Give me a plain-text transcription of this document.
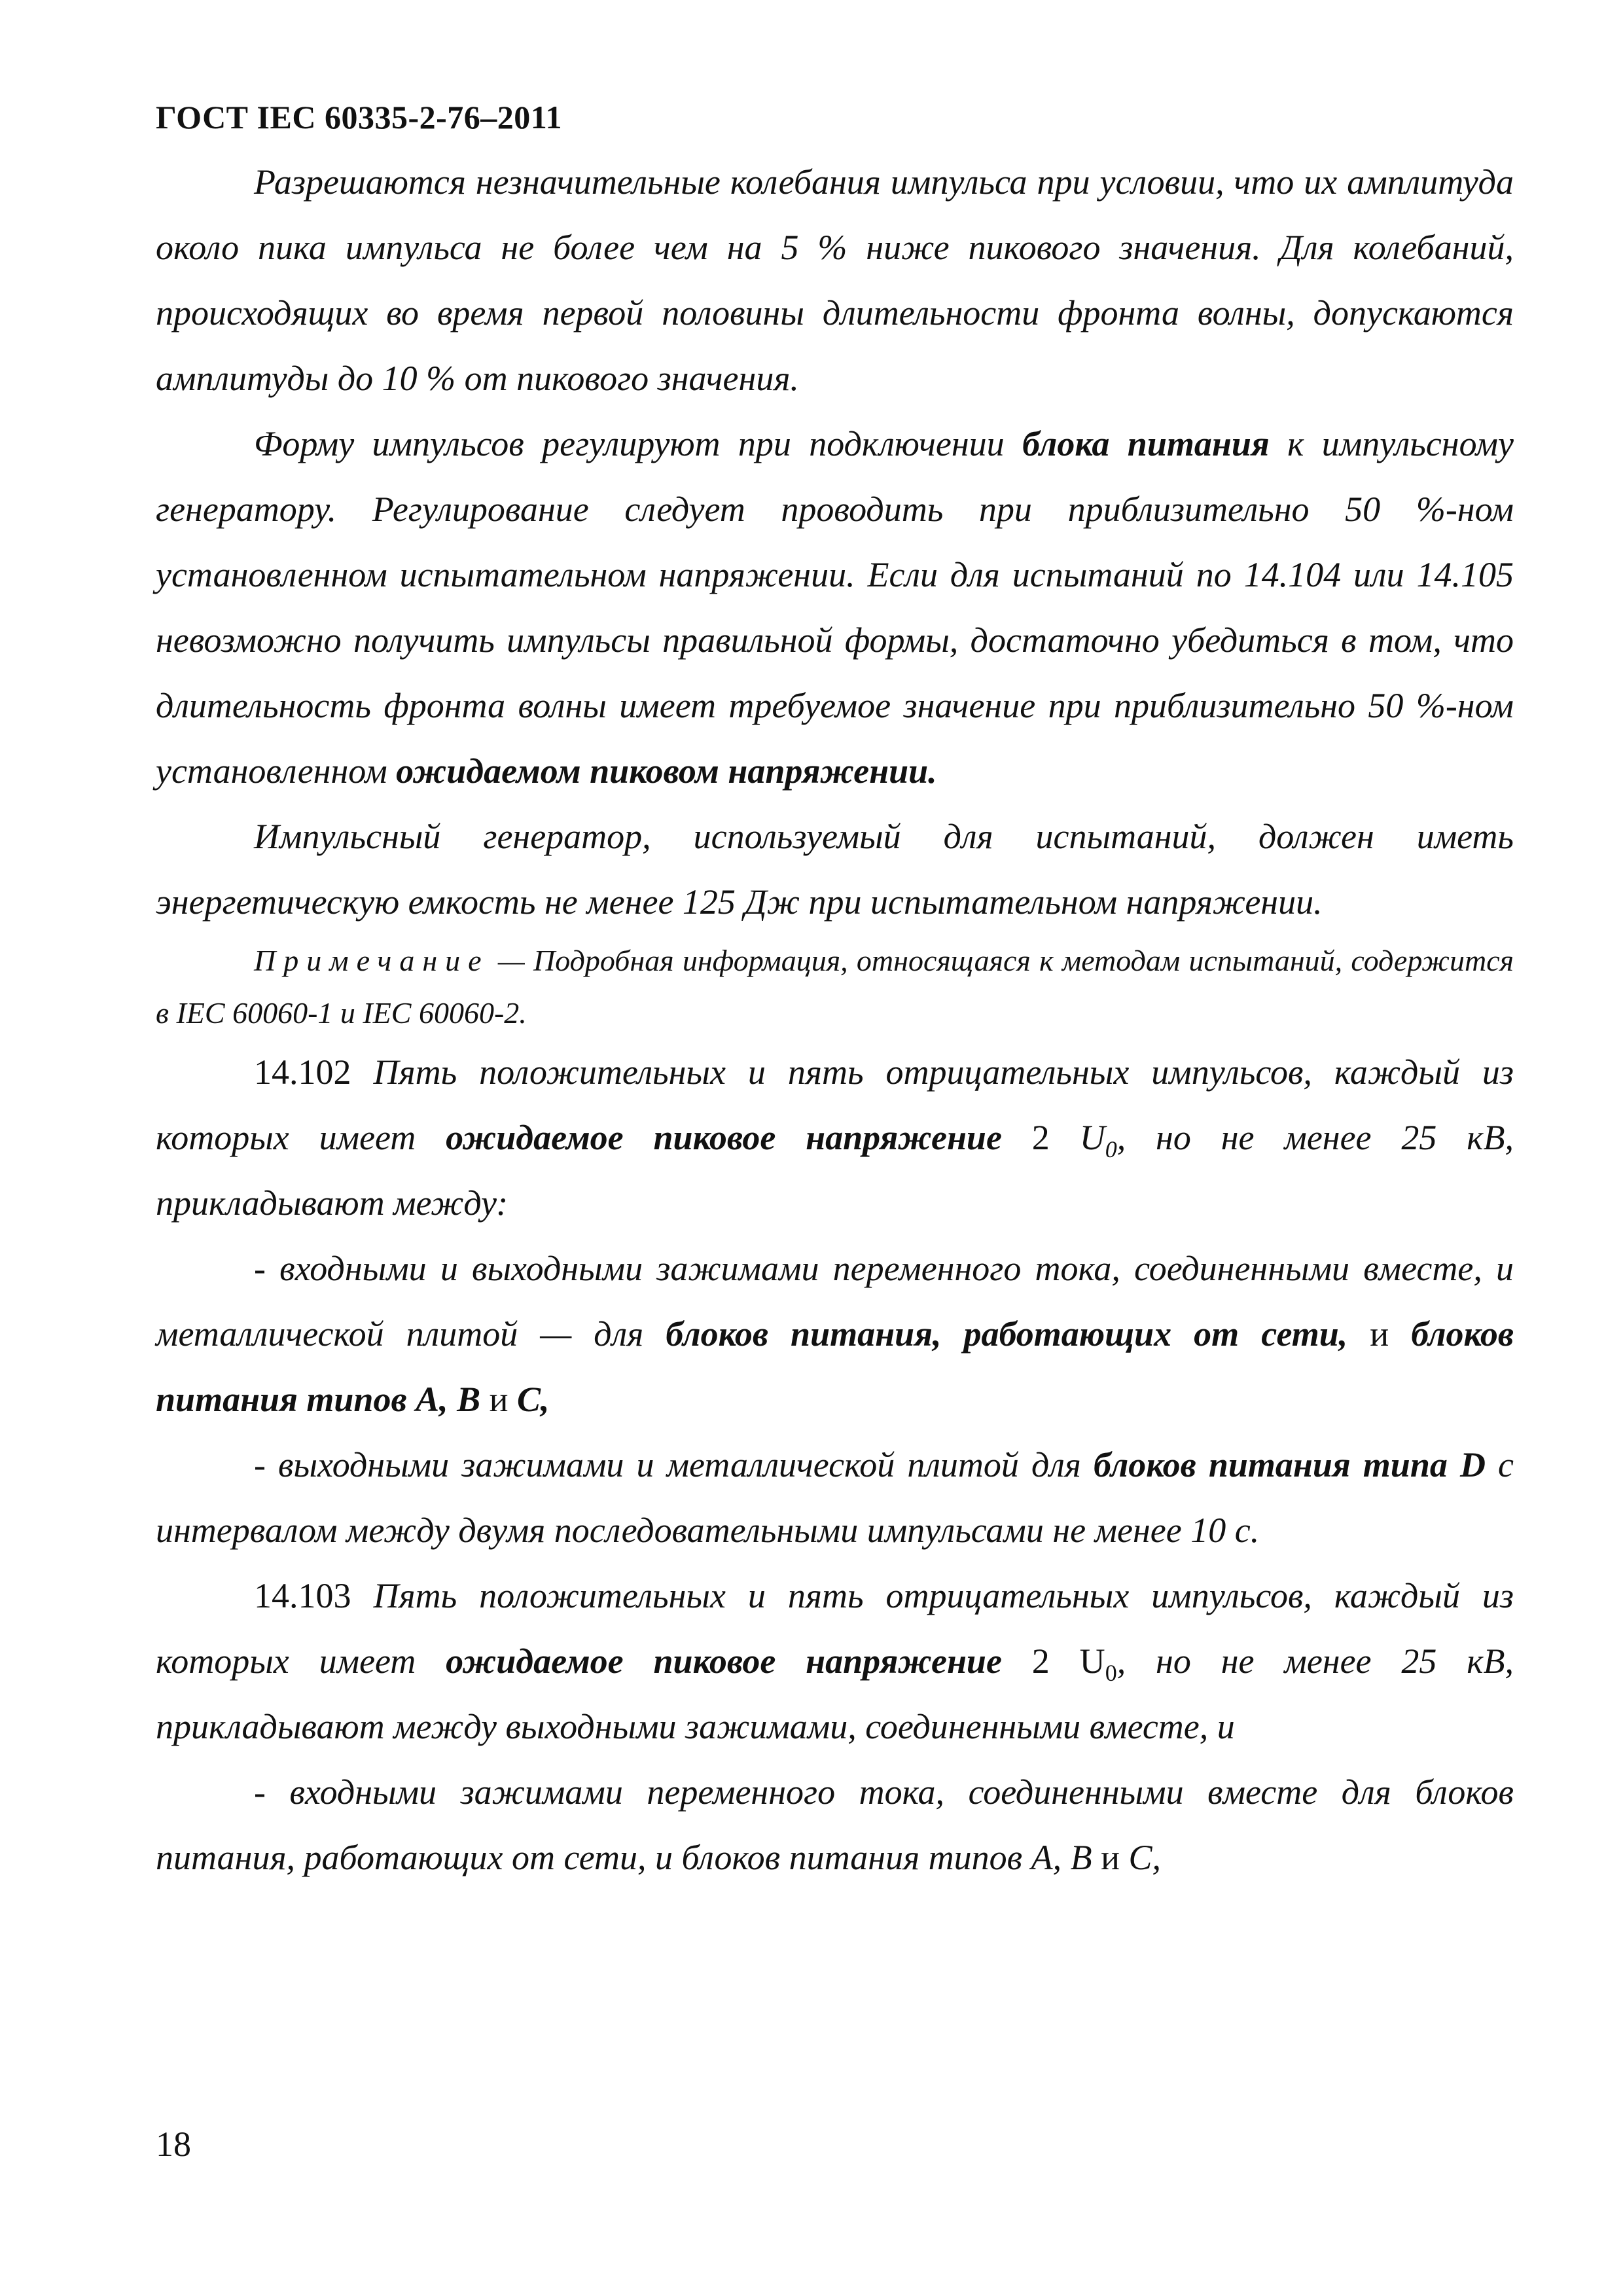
ГОСТ IEC 60335-2-76–2011

Разрешаются незначительные колебания импульса при условии, что их амплитуда около пика импульса не более чем на 5 % ниже пикового значения. Для колебаний, происходящих во время первой половины длительности фронта волны, допускаются амплитуды до 10 % от пикового значения.

Форму импульсов регулируют при подключении блока питания к импульсному генератору. Регулирование следует проводить при приблизительно 50 %-ном установленном испытательном напряжении. Если для испытаний по 14.104 или 14.105 невозможно получить импульсы правильной формы, достаточно убедиться в том, что длительность фронта волны имеет требуемое значение при приблизительно 50 %-ном установленном ожидаемом пиковом напряжении.

Импульсный генератор, используемый для испытаний, должен иметь энергетическую емкость не менее 125 Дж при испытательном напряжении.

Примечание — Подробная информация, относящаяся к методам испытаний, содержится в IEC 60060-1 и IEC 60060-2.

14.102 Пять положительных и пять отрицательных импульсов, каждый из которых имеет ожидаемое пиковое напряжение 2 $U_0$, но не менее 25 кВ, прикладывают между:

- входными и выходными зажимами переменного тока, соединенными вместе, и металлической плитой — для блоков питания, работающих от сети, и блоков питания типов А, В и С,

- выходными зажимами и металлической плитой для блоков питания типа D с интервалом между двумя последовательными импульсами не менее 10 с.

14.103 Пять положительных и пять отрицательных импульсов, каждый из которых имеет ожидаемое пиковое напряжение 2 $U_0$, но не менее 25 кВ, прикладывают между выходными зажимами, соединенными вместе, и

- входными зажимами переменного тока, соединенными вместе для блоков питания, работающих от сети, и блоков питания типов А, В и С,

18
